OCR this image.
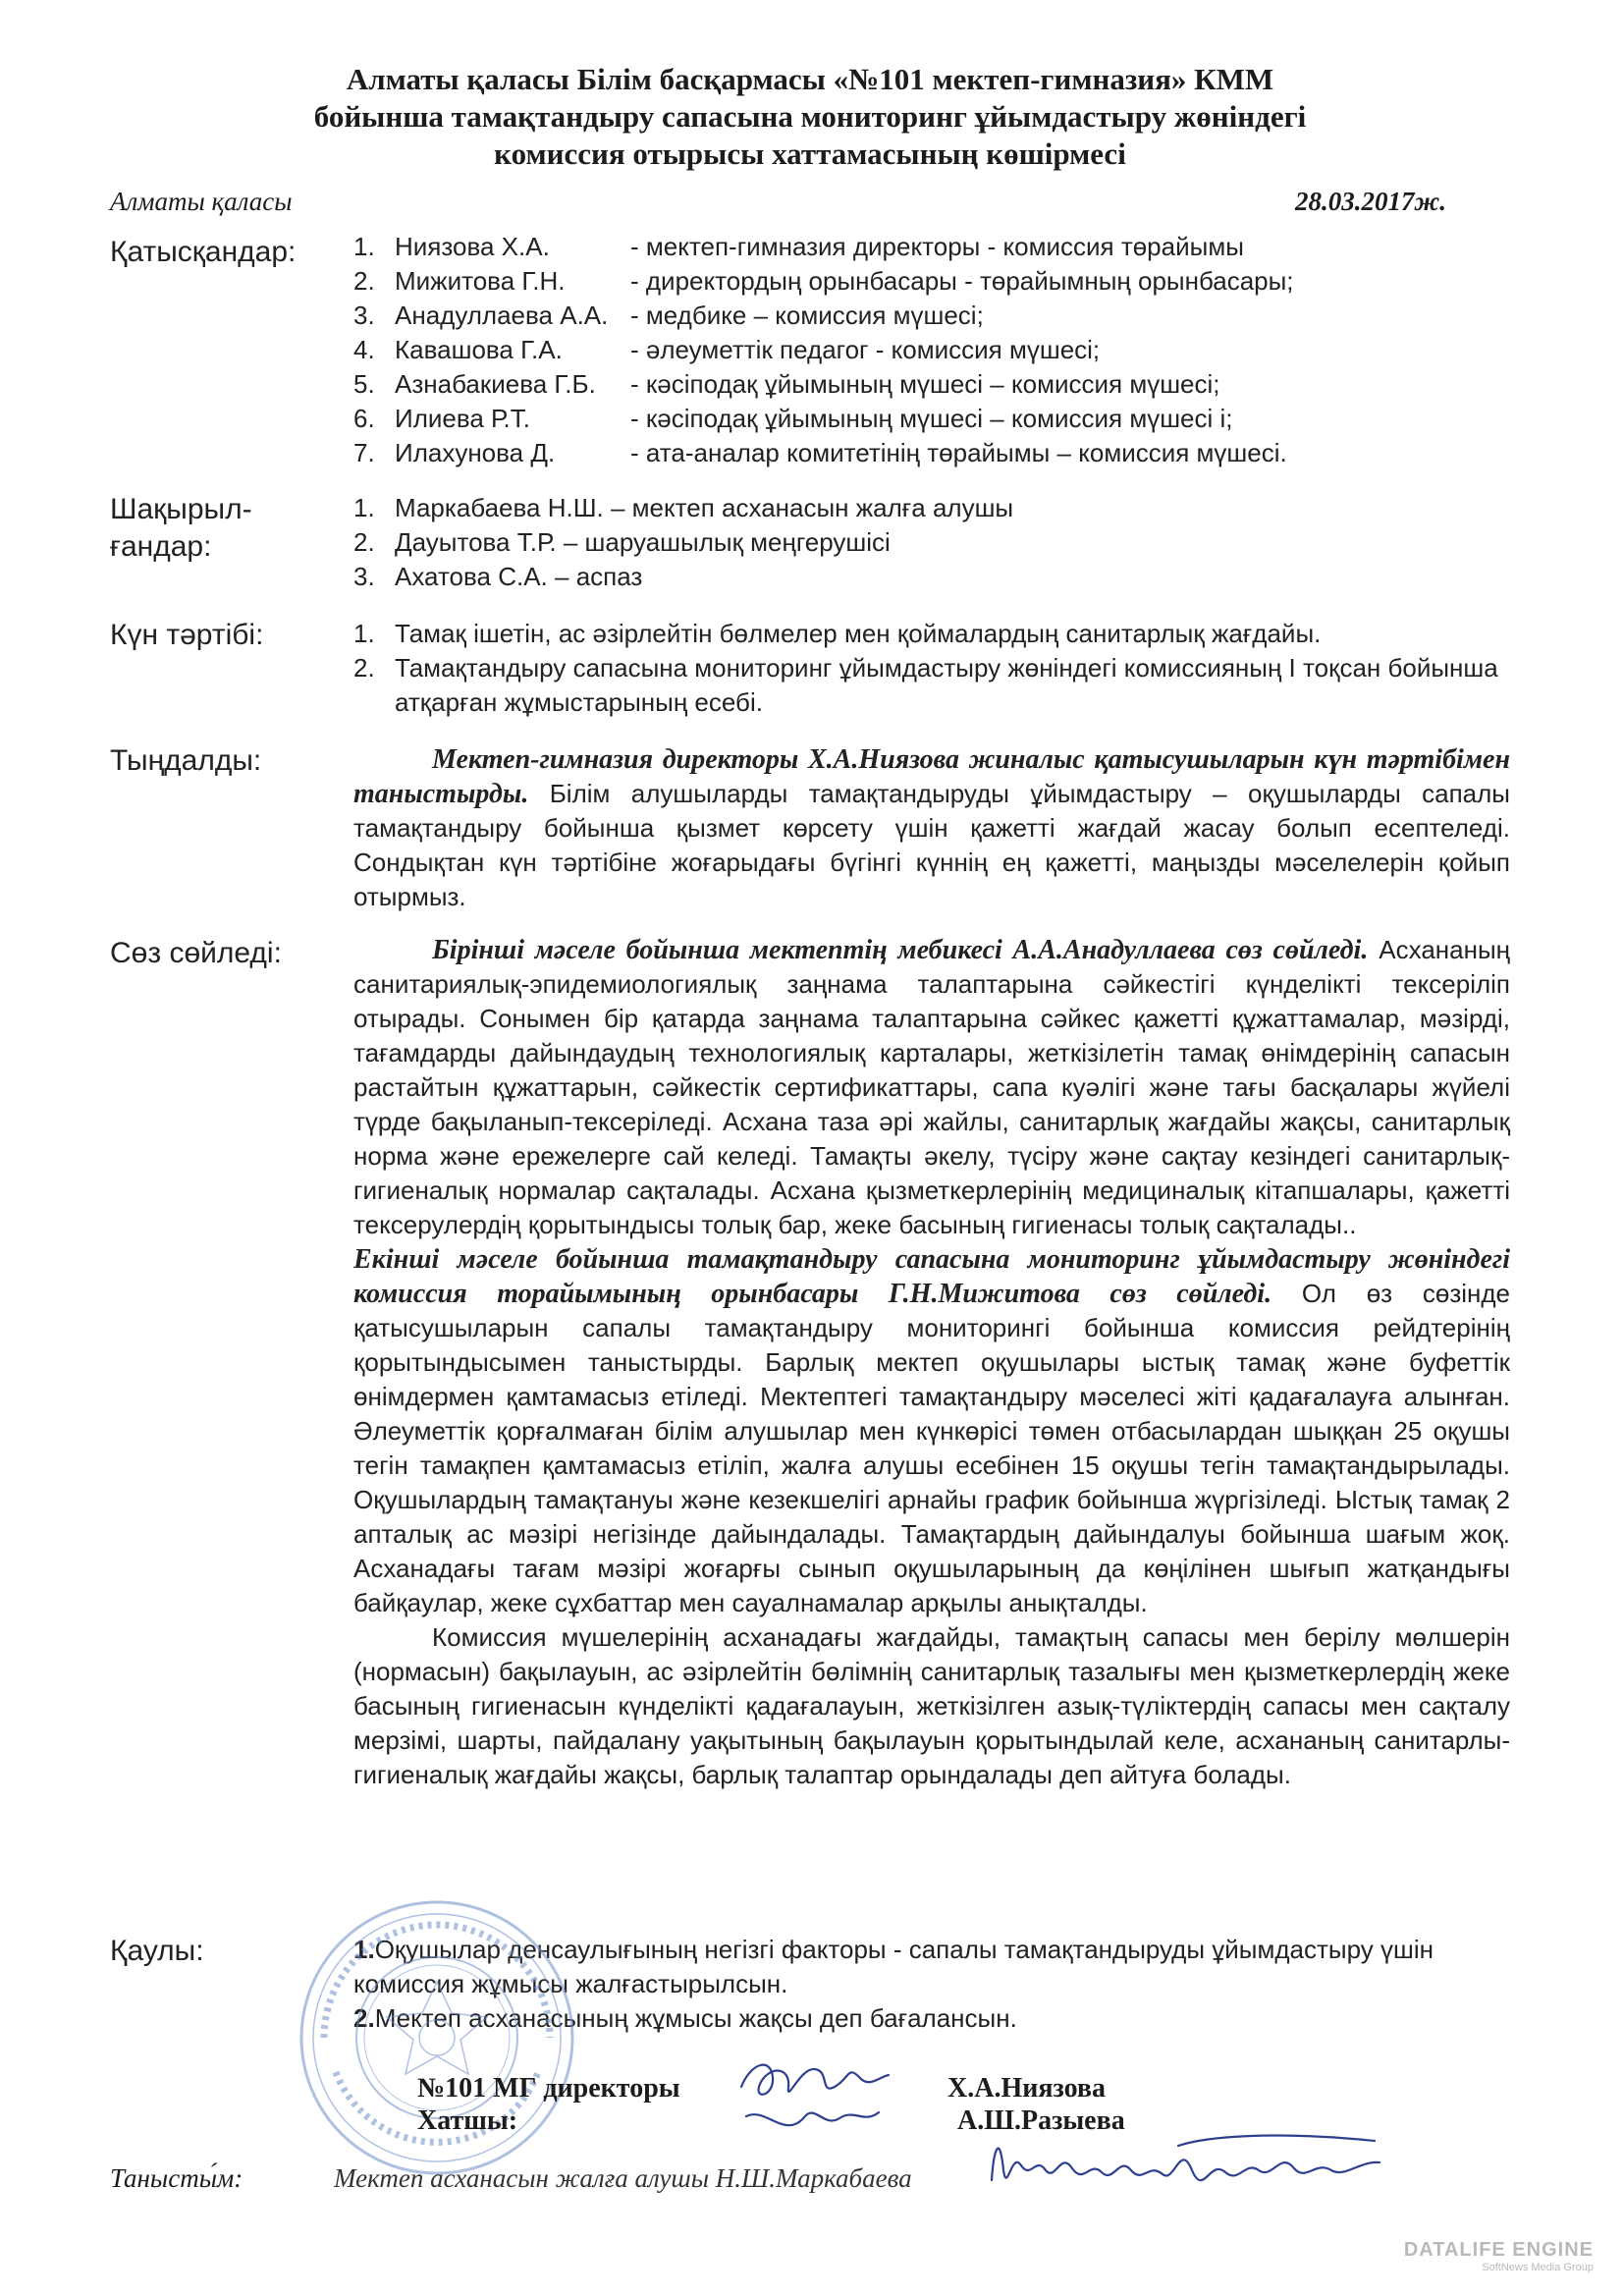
Алматы қаласы Білім басқармасы «№101 мектеп-гимназия» КММ
бойынша тамақтандыру сапасына мониторинг ұйымдастыру жөніндегі
комиссия отырысы хаттамасының көшірмесі
Алматы қаласы	28.03.2017ж.
Қатысқандар: 1. Ниязова Х.А.	- мектеп-гимназия директоры - комиссия төрайымы
2. Мижитова Г.Н.	- директордың орынбасары - төрайымның орынбасары;
3. Анадуллаева А.А. - медбике – комиссия мүшесі;
4. Кавашова Г.А.	- әлеуметтік педагог - комиссия мүшесі;
5. Азнабакиева Г.Б. - кәсіподақ ұйымының мүшесі – комиссия мүшесі;
6. Илиева Р.Т.	- кәсіподақ ұйымының мүшесі – комиссия мүшесі і;
7. Илахунова Д.	- ата-аналар комитетінің төрайымы – комиссия мүшесі.
Шақырыл-
ғандар:
1. Маркабаева Н.Ш. – мектеп асханасын жалға алушы
2. Дауытова Т.Р. – шаруашылық меңгерушісі
3. Ахатова С.А. – аспаз
Күн тәртібі:	1. Тамақ ішетін, ас әзірлейтін бөлмелер мен қоймалардың санитарлық жағдайы.
2. Тамақтандыру сапасына мониторинг ұйымдастыру жөніндегі комиссияның I тоқсан бойынша атқарған жұмыстарының есебі.
Тыңдалды:	Мектеп-гимназия директоры Х.А.Ниязова жиналыс қатысушыларын күн тәртібімен таныстырды. Білім алушыларды тамақтандыруды ұйымдастыру – оқушыларды сапалы тамақтандыру бойынша қызмет көрсету үшін қажетті жағдай жасау болып есептеледі. Сондықтан күн тәртібіне жоғарыдағы бүгінгі күннің ең қажетті, маңызды мәселелерін қойып отырмыз.

Сөз сөйледі:	Бірінші мәселе бойынша мектептің мебикесі А.А.Анадуллаева сөз сөйледі. Асхананың санитариялық-эпидемиологиялық заңнама талаптарына сәйкестігі күнделікті тексеріліп отырады. Сонымен бір қатарда заңнама талаптарына сәйкес қажетті құжаттамалар, мәзірді, тағамдарды дайындаудың технологиялық карталары, жеткізілетін тамақ өнімдерінің сапасын растайтын құжаттарын, сәйкестік сертификаттары, сапа куәлігі және тағы басқалары жүйелі түрде бақыланып-тексеріледі. Асхана таза әрі жайлы, санитарлық жағдайы жақсы, санитарлық норма және ережелерге сай келеді. Тамақты әкелу, түсіру және сақтау кезіндегі санитарлық-гигиеналық нормалар сақталады. Асхана қызметкерлерінің медициналық кітапшалары, қажетті тексерулердің қорытындысы толық бар, жеке басының гигиенасы толық сақталады..

Екінші мәселе бойынша тамақтандыру сапасына мониторинг ұйымдастыру жөніндегі комиссия торайымының орынбасары Г.Н.Мижитова сөз сөйледі. Ол өз сөзінде қатысушыларын сапалы тамақтандыру мониторингі бойынша комиссия рейдтерінің қорытындысымен таныстырды. Барлық мектеп оқушылары ыстық тамақ және буфеттік өнімдермен қамтамасыз етіледі. Мектептегі тамақтандыру мәселесі жіті қадағалауға алынған. Әлеуметтік қорғалмаған білім алушылар мен күнкөрісі төмен отбасылардан шыққан 25 оқушы тегін тамақпен қамтамасыз етіліп, жалға алушы есебінен 15 оқушы тегін тамақтандырылады. Оқушылардың тамақтануы және кезекшелігі арнайы график бойынша жүргізіледі. Ыстық тамақ 2 апталық ас мәзірі негізінде дайындалады. Тамақтардың дайындалуы бойынша шағым жоқ. Асханадағы тағам мәзірі жоғарғы сынып оқушыларының да көңілінен шығып жатқандығы байқаулар, жеке сұхбаттар мен сауалнамалар арқылы анықталды.

Комиссия мүшелерінің асханадағы жағдайды, тамақтың сапасы мен берілу мөлшерін (нормасын) бақылауын, ас әзірлейтін бөлімнің санитарлық тазалығы мен қызметкерлердің жеке басының гигиенасын күнделікті қадағалауын, жеткізілген азық-түліктердің сапасы мен сақталу мерзімі, шарты, пайдалану уақытының бақылауын қорытындылай келе, асхананың санитарлы-гигиеналық жағдайы жақсы, барлық талаптар орындалады деп айтуға болады.

Қаулы:	1.Оқушылар денсаулығының негізгі факторы - сапалы тамақтандыруды ұйымдастыру үшін комиссия жұмысы жалғастырылсын.
2.Мектеп асханасының жұмысы жақсы деп бағалансын.
№101 МГ директоры	Х.А.Ниязова
Хатшы:	А.Ш.Разыева
Танысты́м:	Мектеп асханасын жалға алушы Н.Ш.Маркабаева
DATALIFE ENGINE
SoftNews Media Group
